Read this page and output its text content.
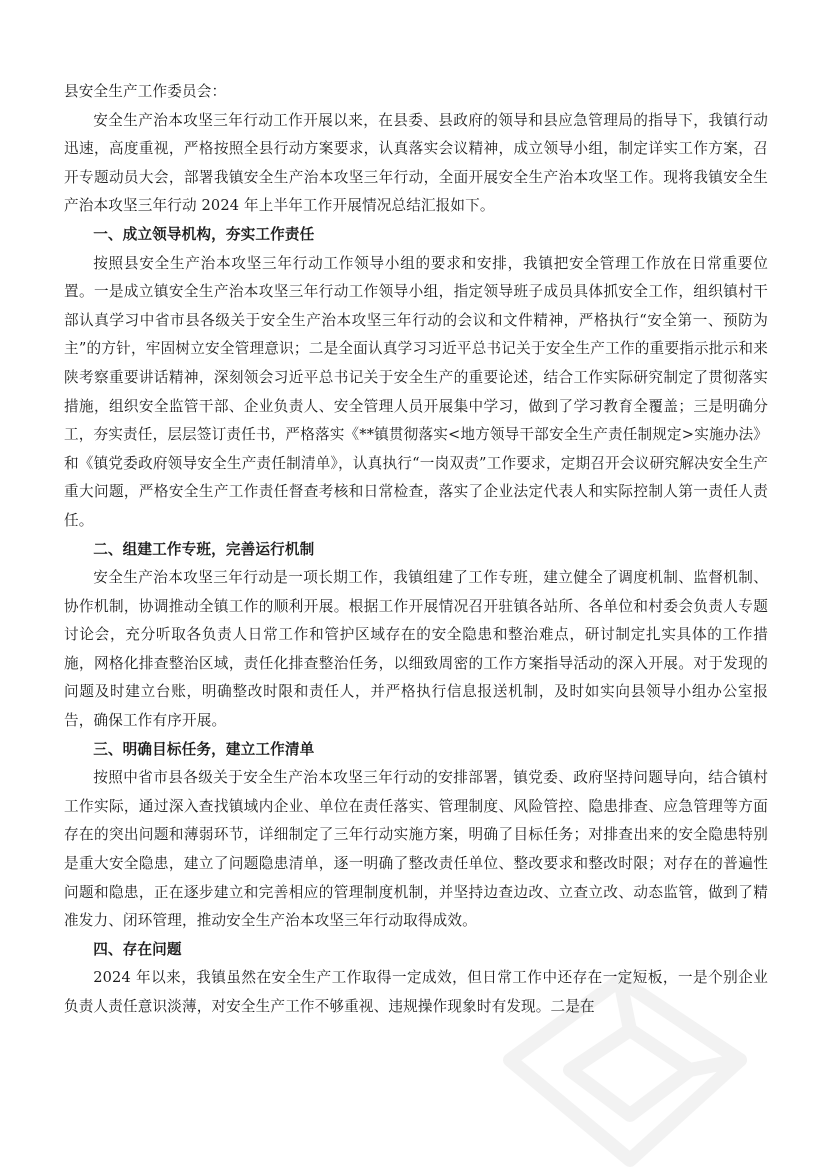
县安全生产工作委员会：

安全生产治本攻坚三年行动工作开展以来，在县委、县政府的领导和县应急管理局的指导下，我镇行动迅速，高度重视，严格按照全县行动方案要求，认真落实会议精神，成立领导小组，制定详实工作方案，召开专题动员大会，部署我镇安全生产治本攻坚三年行动，全面开展安全生产治本攻坚工作。现将我镇安全生产治本攻坚三年行动 2024 年上半年工作开展情况总结汇报如下。

一、成立领导机构，夯实工作责任

按照县安全生产治本攻坚三年行动工作领导小组的要求和安排，我镇把安全管理工作放在日常重要位置。一是成立镇安全生产治本攻坚三年行动工作领导小组，指定领导班子成员具体抓安全工作，组织镇村干部认真学习中省市县各级关于安全生产治本攻坚三年行动的会议和文件精神，严格执行“安全第一、预防为主”的方针，牢固树立安全管理意识；二是全面认真学习习近平总书记关于安全生产工作的重要指示批示和来陕考察重要讲话精神，深刻领会习近平总书记关于安全生产的重要论述，结合工作实际研究制定了贯彻落实措施，组织安全监管干部、企业负责人、安全管理人员开展集中学习，做到了学习教育全覆盖；三是明确分工，夯实责任，层层签订责任书，严格落实《**镇贯彻落实<地方领导干部安全生产责任制规定>实施办法》和《镇党委政府领导安全生产责任制清单》，认真执行“一岗双责”工作要求，定期召开会议研究解决安全生产重大问题，严格安全生产工作责任督查考核和日常检查，落实了企业法定代表人和实际控制人第一责任人责任。

二、组建工作专班，完善运行机制

安全生产治本攻坚三年行动是一项长期工作，我镇组建了工作专班，建立健全了调度机制、监督机制、协作机制，协调推动全镇工作的顺利开展。根据工作开展情况召开驻镇各站所、各单位和村委会负责人专题讨论会，充分听取各负责人日常工作和管护区域存在的安全隐患和整治难点，研讨制定扎实具体的工作措施，网格化排查整治区域，责任化排查整治任务，以细致周密的工作方案指导活动的深入开展。对于发现的问题及时建立台账，明确整改时限和责任人，并严格执行信息报送机制，及时如实向县领导小组办公室报告，确保工作有序开展。

三、明确目标任务，建立工作清单

按照中省市县各级关于安全生产治本攻坚三年行动的安排部署，镇党委、政府坚持问题导向，结合镇村工作实际，通过深入查找镇域内企业、单位在责任落实、管理制度、风险管控、隐患排查、应急管理等方面存在的突出问题和薄弱环节，详细制定了三年行动实施方案，明确了目标任务；对排查出来的安全隐患特别是重大安全隐患，建立了问题隐患清单，逐一明确了整改责任单位、整改要求和整改时限；对存在的普遍性问题和隐患，正在逐步建立和完善相应的管理制度机制，并坚持边查边改、立查立改、动态监管，做到了精准发力、闭环管理，推动安全生产治本攻坚三年行动取得成效。

四、存在问题

2024 年以来，我镇虽然在安全生产工作取得一定成效，但日常工作中还存在一定短板，一是个别企业负责人责任意识淡薄，对安全生产工作不够重视、违规操作现象时有发现。二是在
